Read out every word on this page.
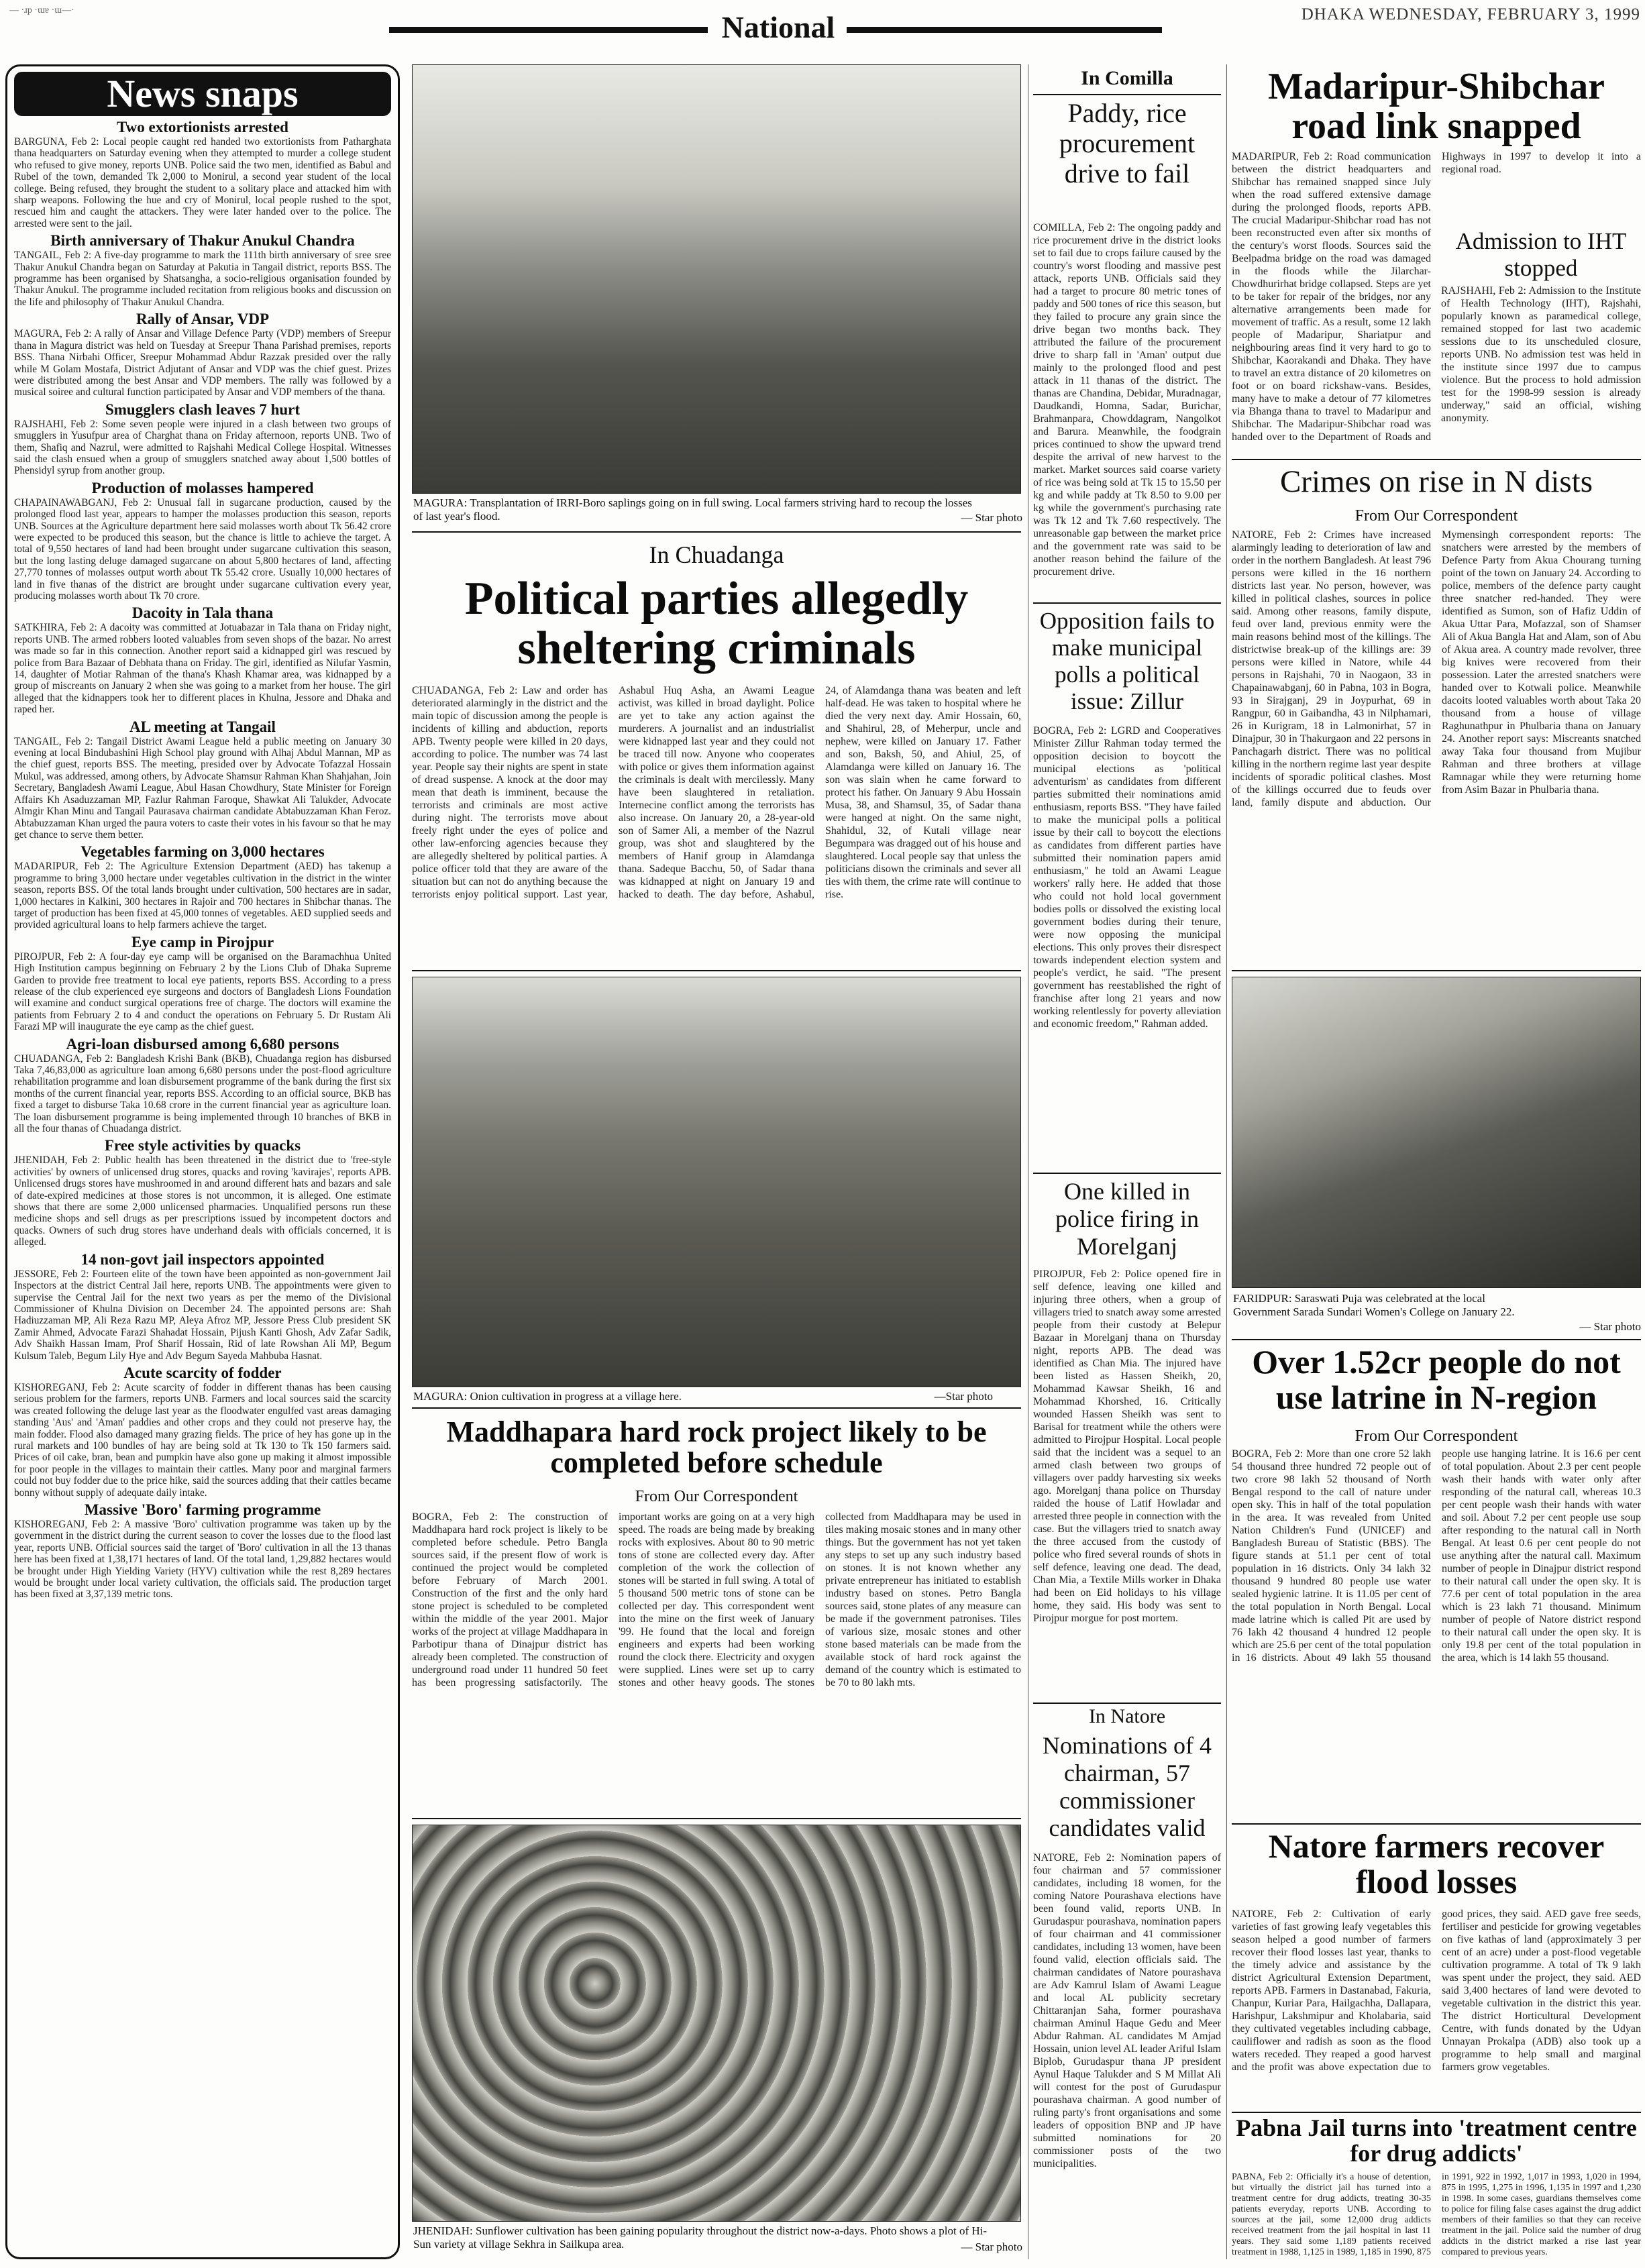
— ·ɹp ·ɯɐ ·ɯ—·	National	DHAKA WEDNESDAY, FEBRUARY 3, 1999
News snaps
Two extortionists arrested
BARGUNA, Feb 2: Local people caught red handed two extortionists from Patharghata thana headquarters on Saturday evening when they attempted to murder a college student who refused to give money, reports UNB. Police said the two men, identified as Babul and Rubel of the town, demanded Tk 2,000 to Monirul, a second year student of the local college. Being refused, they brought the student to a solitary place and attacked him with sharp weapons. Following the hue and cry of Monirul, local people rushed to the spot, rescued him and caught the attackers. They were later handed over to the police. The arrested were sent to the jail.
Birth anniversary of Thakur Anukul Chandra
TANGAIL, Feb 2: A five-day programme to mark the 111th birth anniversary of sree sree Thakur Anukul Chandra began on Saturday at Pakutia in Tangail district, reports BSS. The programme has been organised by Shatsangha, a socio-religious organisation founded by Thakur Anukul. The programme included recitation from religious books and discussion on the life and philosophy of Thakur Anukul Chandra.
Rally of Ansar, VDP
MAGURA, Feb 2: A rally of Ansar and Village Defence Party (VDP) members of Sreepur thana in Magura district was held on Tuesday at Sreepur Thana Parishad premises, reports BSS. Thana Nirbahi Officer, Sreepur Mohammad Abdur Razzak presided over the rally while M Golam Mostafa, District Adjutant of Ansar and VDP was the chief guest. Prizes were distributed among the best Ansar and VDP members. The rally was followed by a musical soiree and cultural function participated by Ansar and VDP members of the thana.
Smugglers clash leaves 7 hurt
RAJSHAHI, Feb 2: Some seven people were injured in a clash between two groups of smugglers in Yusufpur area of Charghat thana on Friday afternoon, reports UNB. Two of them, Shafiq and Nazrul, were admitted to Rajshahi Medical College Hospital. Witnesses said the clash ensued when a group of smugglers snatched away about 1,500 bottles of Phensidyl syrup from another group.
Production of molasses hampered
CHAPAINAWABGANJ, Feb 2: Unusual fall in sugarcane production, caused by the prolonged flood last year, appears to hamper the molasses production this season, reports UNB. Sources at the Agriculture department here said molasses worth about Tk 56.42 crore were expected to be produced this season, but the chance is little to achieve the target. A total of 9,550 hectares of land had been brought under sugarcane cultivation this season, but the long lasting deluge damaged sugarcane on about 5,800 hectares of land, affecting 27,770 tonnes of molasses output worth about Tk 55.42 crore. Usually 10,000 hectares of land in five thanas of the district are brought under sugarcane cultivation every year, producing molasses worth about Tk 70 crore.
Dacoity in Tala thana
SATKHIRA, Feb 2: A dacoity was committed at Jotuabazar in Tala thana on Friday night, reports UNB. The armed robbers looted valuables from seven shops of the bazar. No arrest was made so far in this connection. Another report said a kidnapped girl was rescued by police from Bara Bazaar of Debhata thana on Friday. The girl, identified as Nilufar Yasmin, 14, daughter of Motiar Rahman of the thana's Khash Khamar area, was kidnapped by a group of miscreants on January 2 when she was going to a market from her house. The girl alleged that the kidnappers took her to different places in Khulna, Jessore and Dhaka and raped her.
AL meeting at Tangail
TANGAIL, Feb 2: Tangail District Awami League held a public meeting on January 30 evening at local Bindubashini High School play ground with Alhaj Abdul Mannan, MP as the chief guest, reports BSS. The meeting, presided over by Advocate Tofazzal Hossain Mukul, was addressed, among others, by Advocate Shamsur Rahman Khan Shahjahan, Join Secretary, Bangladesh Awami League, Abul Hasan Chowdhury, State Minister for Foreign Affairs Kh Asaduzzaman MP, Fazlur Rahman Faroque, Shawkat Ali Talukder, Advocate Almgir Khan Minu and Tangail Paurasava chairman candidate Abtabuzzaman Khan Feroz. Abtabuzzaman Khan urged the paura voters to caste their votes in his favour so that he may get chance to serve them better.
Vegetables farming on 3,000 hectares
MADARIPUR, Feb 2: The Agriculture Extension Department (AED) has takenup a programme to bring 3,000 hectare under vegetables cultivation in the district in the winter season, reports BSS. Of the total lands brought under cultivation, 500 hectares are in sadar, 1,000 hectares in Kalkini, 300 hectares in Rajoir and 700 hectares in Shibchar thanas. The target of production has been fixed at 45,000 tonnes of vegetables. AED supplied seeds and provided agricultural loans to help farmers achieve the target.
Eye camp in Pirojpur
PIROJPUR, Feb 2: A four-day eye camp will be organised on the Baramachhua United High Institution campus beginning on February 2 by the Lions Club of Dhaka Supreme Garden to provide free treatment to local eye patients, reports BSS. According to a press release of the club experienced eye surgeons and doctors of Bangladesh Lions Foundation will examine and conduct surgical operations free of charge. The doctors will examine the patients from February 2 to 4 and conduct the operations on February 5. Dr Rustam Ali Farazi MP will inaugurate the eye camp as the chief guest.
Agri-loan disbursed among 6,680 persons
CHUADANGA, Feb 2: Bangladesh Krishi Bank (BKB), Chuadanga region has disbursed Taka 7,46,83,000 as agriculture loan among 6,680 persons under the post-flood agriculture rehabilitation programme and loan disbursement programme of the bank during the first six months of the current financial year, reports BSS. According to an official source, BKB has fixed a target to disburse Taka 10.68 crore in the current financial year as agriculture loan. The loan disbursement programme is being implemented through 10 branches of BKB in all the four thanas of Chuadanga district.
Free style activities by quacks
JHENIDAH, Feb 2: Public health has been threatened in the district due to 'free-style activities' by owners of unlicensed drug stores, quacks and roving 'kavirajes', reports APB. Unlicensed drugs stores have mushroomed in and around different hats and bazars and sale of date-expired medicines at those stores is not uncommon, it is alleged. One estimate shows that there are some 2,000 unlicensed pharmacies. Unqualified persons run these medicine shops and sell drugs as per prescriptions issued by incompetent doctors and quacks. Owners of such drug stores have underhand deals with officials concerned, it is alleged.
14 non-govt jail inspectors appointed
JESSORE, Feb 2: Fourteen elite of the town have been appointed as non-government Jail Inspectors at the district Central Jail here, reports UNB. The appointments were given to supervise the Central Jail for the next two years as per the memo of the Divisional Commissioner of Khulna Division on December 24. The appointed persons are: Shah Hadiuzzaman MP, Ali Reza Razu MP, Aleya Afroz MP, Jessore Press Club president SK Zamir Ahmed, Advocate Farazi Shahadat Hossain, Pijush Kanti Ghosh, Adv Zafar Sadik, Adv Shaikh Hassan Imam, Prof Sharif Hossain, Rid of late Rowshan Ali MP, Begum Kulsum Taleb, Begum Lily Hye and Adv Begum Sayeda Mahbuba Hasnat.
Acute scarcity of fodder
KISHOREGANJ, Feb 2: Acute scarcity of fodder in different thanas has been causing serious problem for the farmers, reports UNB. Farmers and local sources said the scarcity was created following the deluge last year as the floodwater engulfed vast areas damaging standing 'Aus' and 'Aman' paddies and other crops and they could not preserve hay, the main fodder. Flood also damaged many grazing fields. The price of hey has gone up in the rural markets and 100 bundles of hay are being sold at Tk 130 to Tk 150 farmers said. Prices of oil cake, bran, bean and pumpkin have also gone up making it almost impossible for poor people in the villages to maintain their cattles. Many poor and marginal farmers could not buy fodder due to the price hike, said the sources adding that their cattles became bonny without supply of adequate daily intake.
Massive 'Boro' farming programme
KISHOREGANJ, Feb 2: A massive 'Boro' cultivation programme was taken up by the government in the district during the current season to cover the losses due to the flood last year, reports UNB. Official sources said the target of 'Boro' cultivation in all the 13 thanas here has been fixed at 1,38,171 hectares of land. Of the total land, 1,29,882 hectares would be brought under High Yielding Variety (HYV) cultivation while the rest 8,289 hectares would be brought under local variety cultivation, the officials said. The production target has been fixed at 3,37,139 metric tons.
MAGURA: Transplantation of IRRI-Boro saplings going on in full swing. Local farmers striving hard to recoup the losses of last year's flood.	— Star photo
In Chuadanga
Political parties allegedly sheltering criminals
CHUADANGA, Feb 2: Law and order has deteriorated alarmingly in the district and the main topic of discussion among the people is incidents of killing and abduction, reports APB. Twenty people were killed in 20 days, according to police. The number was 74 last year. People say their nights are spent in state of dread suspense. A knock at the door may mean that death is imminent, because the terrorists and criminals are most active during night. The terrorists move about freely right under the eyes of police and other law-enforcing agencies because they are allegedly sheltered by political parties. A police officer told that they are aware of the situation but can not do anything because the terrorists enjoy political support. Last year, Ashabul Huq Asha, an Awami League activist, was killed in broad daylight. Police are yet to take any action against the murderers. A journalist and an industrialist were kidnapped last year and they could not be traced till now. Anyone who cooperates with police or gives them information against the criminals is dealt with mercilessly. Many have been slaughtered in retaliation. Internecine conflict among the terrorists has also increase. On January 20, a 28-year-old son of Samer Ali, a member of the Nazrul group, was shot and slaughtered by the members of Hanif group in Alamdanga thana. Sadeque Bacchu, 50, of Sadar thana was kidnapped at night on January 19 and hacked to death. The day before, Ashabul, 24, of Alamdanga thana was beaten and left half-dead. He was taken to hospital where he died the very next day. Amir Hossain, 60, and Shahirul, 28, of Meherpur, uncle and nephew, were killed on January 17. Father and son, Baksh, 50, and Ahiul, 25, of Alamdanga were killed on January 16. The son was slain when he came forward to protect his father. On January 9 Abu Hossain Musa, 38, and Shamsul, 35, of Sadar thana were hanged at night. On the same night, Shahidul, 32, of Kutali village near Begumpara was dragged out of his house and slaughtered. Local people say that unless the politicians disown the criminals and sever all ties with them, the crime rate will continue to rise.
MAGURA: Onion cultivation in progress at a village here.	—Star photo
Maddhapara hard rock project likely to be completed before schedule
From Our Correspondent
BOGRA, Feb 2: The construction of Maddhapara hard rock project is likely to be completed before schedule. Petro Bangla sources said, if the present flow of work is continued the project would be completed before February of March 2001. Construction of the first and the only hard stone project is scheduled to be completed within the middle of the year 2001. Major works of the project at village Maddhapara in Parbotipur thana of Dinajpur district has already been completed. The construction of underground road under 11 hundred 50 feet has been progressing satisfactorily. The important works are going on at a very high speed. The roads are being made by breaking rocks with explosives. About 80 to 90 metric tons of stone are collected every day. After completion of the work the collection of stones will be started in full swing. A total of 5 thousand 500 metric tons of stone can be collected per day. This correspondent went into the mine on the first week of January '99. He found that the local and foreign engineers and experts had been working round the clock there. Electricity and oxygen were supplied. Lines were set up to carry stones and other heavy goods. The stones collected from Maddhapara may be used in tiles making mosaic stones and in many other things. But the government has not yet taken any steps to set up any such industry based on stones. It is not known whether any private entrepreneur has initiated to establish industry based on stones. Petro Bangla sources said, stone plates of any measure can be made if the government patronises. Tiles of various size, mosaic stones and other stone based materials can be made from the available stock of hard rock against the demand of the country which is estimated to be 70 to 80 lakh mts.
JHENIDAH: Sunflower cultivation has been gaining popularity throughout the district now-a-days. Photo shows a plot of Hi-Sun variety at village Sekhra in Sailkupa area.	— Star photo
In Comilla
Paddy, rice procurement drive to fail
COMILLA, Feb 2: The ongoing paddy and rice procurement drive in the district looks set to fail due to crops failure caused by the country's worst flooding and massive pest attack, reports UNB. Officials said they had a target to procure 80 metric tones of paddy and 500 tones of rice this season, but they failed to procure any grain since the drive began two months back. They attributed the failure of the procurement drive to sharp fall in 'Aman' output due mainly to the prolonged flood and pest attack in 11 thanas of the district. The thanas are Chandina, Debidar, Muradnagar, Daudkandi, Homna, Sadar, Burichar, Brahmanpara, Chowddagram, Nangolkot and Barura. Meanwhile, the foodgrain prices continued to show the upward trend despite the arrival of new harvest to the market. Market sources said coarse variety of rice was being sold at Tk 15 to 15.50 per kg and while paddy at Tk 8.50 to 9.00 per kg while the government's purchasing rate was Tk 12 and Tk 7.60 respectively. The unreasonable gap between the market price and the government rate was said to be another reason behind the failure of the procurement drive.
Opposition fails to make municipal polls a political issue: Zillur
BOGRA, Feb 2: LGRD and Cooperatives Minister Zillur Rahman today termed the opposition decision to boycott the municipal elections as 'political adventurism' as candidates from different parties submitted their nominations amid enthusiasm, reports BSS. "They have failed to make the municipal polls a political issue by their call to boycott the elections as candidates from different parties have submitted their nomination papers amid enthusiasm," he told an Awami League workers' rally here. He added that those who could not hold local government bodies polls or dissolved the existing local government bodies during their tenure, were now opposing the municipal elections. This only proves their disrespect towards independent election system and people's verdict, he said. "The present government has reestablished the right of franchise after long 21 years and now working relentlessly for poverty alleviation and economic freedom," Rahman added.
One killed in police firing in Morelganj
PIROJPUR, Feb 2: Police opened fire in self defence, leaving one killed and injuring three others, when a group of villagers tried to snatch away some arrested people from their custody at Belepur Bazaar in Morelganj thana on Thursday night, reports APB. The dead was identified as Chan Mia. The injured have been listed as Hassen Sheikh, 20, Mohammad Kawsar Sheikh, 16 and Mohammad Khorshed, 16. Critically wounded Hassen Sheikh was sent to Barisal for treatment while the others were admitted to Pirojpur Hospital. Local people said that the incident was a sequel to an armed clash between two groups of villagers over paddy harvesting six weeks ago. Morelganj thana police on Thursday raided the house of Latif Howladar and arrested three people in connection with the case. But the villagers tried to snatch away the three accused from the custody of police who fired several rounds of shots in self defence, leaving one dead. The dead, Chan Mia, a Textile Mills worker in Dhaka had been on Eid holidays to his village home, they said. His body was sent to Pirojpur morgue for post mortem.
In Natore
Nominations of 4 chairman, 57 commissioner candidates valid
NATORE, Feb 2: Nomination papers of four chairman and 57 commissioner candidates, including 18 women, for the coming Natore Pourashava elections have been found valid, reports UNB. In Gurudaspur pourashava, nomination papers of four chairman and 41 commissioner candidates, including 13 women, have been found valid, election officials said. The chairman candidates of Natore pourashava are Adv Kamrul Islam of Awami League and local AL publicity secretary Chittaranjan Saha, former pourashava chairman Aminul Haque Gedu and Meer Abdur Rahman. AL candidates M Amjad Hossain, union level AL leader Ariful Islam Biplob, Gurudaspur thana JP president Aynul Haque Talukder and S M Millat Ali will contest for the post of Gurudaspur pourashava chairman. A good number of ruling party's front organisations and some leaders of opposition BNP and JP have submitted nominations for 20 commissioner posts of the two municipalities.
Madaripur-Shibchar road link snapped
MADARIPUR, Feb 2: Road communication between the district headquarters and Shibchar has remained snapped since July when the road suffered extensive damage during the prolonged floods, reports APB. The crucial Madaripur-Shibchar road has not been reconstructed even after six months of the century's worst floods. Sources said the Beelpadma bridge on the road was damaged in the floods while the Jilarchar-Chowdhurirhat bridge collapsed. Steps are yet to be taker for repair of the bridges, nor any alternative arrangements been made for movement of traffic. As a result, some 12 lakh people of Madaripur, Shariatpur and neighbouring areas find it very hard to go to Shibchar, Kaorakandi and Dhaka. They have to travel an extra distance of 20 kilometres on foot or on board rickshaw-vans. Besides, many have to make a detour of 77 kilometres via Bhanga thana to travel to Madaripur and Shibchar. The Madaripur-Shibchar road was handed over to the Department of Roads and Highways in 1997 to develop it into a regional road.
Admission to IHT stopped
RAJSHAHI, Feb 2: Admission to the Institute of Health Technology (IHT), Rajshahi, popularly known as paramedical college, remained stopped for last two academic sessions due to its unscheduled closure, reports UNB. No admission test was held in the institute since 1997 due to campus violence. But the process to hold admission test for the 1998-99 session is already underway," said an official, wishing anonymity.
Crimes on rise in N dists
From Our Correspondent
NATORE, Feb 2: Crimes have increased alarmingly leading to deterioration of law and order in the northern Bangladesh. At least 796 persons were killed in the 16 northern districts last year. No person, however, was killed in political clashes, sources in police said. Among other reasons, family dispute, feud over land, previous enmity were the main reasons behind most of the killings. The districtwise break-up of the killings are: 39 persons were killed in Natore, while 44 persons in Rajshahi, 70 in Naogaon, 33 in Chapainawabganj, 60 in Pabna, 103 in Bogra, 93 in Sirajganj, 29 in Joypurhat, 69 in Rangpur, 60 in Gaibandha, 43 in Nilphamari, 26 in Kurigram, 18 in Lalmonirhat, 57 in Dinajpur, 30 in Thakurgaon and 22 persons in Panchagarh district. There was no political killing in the northern regime last year despite incidents of sporadic political clashes. Most of the killings occurred due to feuds over land, family dispute and abduction. Our Mymensingh correspondent reports: The snatchers were arrested by the members of Defence Party from Akua Chourang turning point of the town on January 24. According to police, members of the defence party caught three snatcher red-handed. They were identified as Sumon, son of Hafiz Uddin of Akua Uttar Para, Mofazzal, son of Shamser Ali of Akua Bangla Hat and Alam, son of Abu of Akua area. A country made revolver, three big knives were recovered from their possession. Later the arrested snatchers were handed over to Kotwali police. Meanwhile dacoits looted valuables worth about Taka 20 thousand from a house of village Raghunathpur in Phulbaria thana on January 24. Another report says: Miscreants snatched away Taka four thousand from Mujibur Rahman and three brothers at village Ramnagar while they were returning home from Asim Bazar in Phulbaria thana.
FARIDPUR: Saraswati Puja was celebrated at the local Government Sarada Sundari Women's College on January 22.
— Star photo
Over 1.52cr people do not use latrine in N-region
From Our Correspondent
BOGRA, Feb 2: More than one crore 52 lakh 54 thousand three hundred 72 people out of two crore 98 lakh 52 thousand of North Bengal respond to the call of nature under open sky. This in half of the total population in the area. It was revealed from United Nation Children's Fund (UNICEF) and Bangladesh Bureau of Statistic (BBS). The figure stands at 51.1 per cent of total population in 16 districts. Only 34 lakh 32 thousand 9 hundred 80 people use water sealed hygienic latrine. It is 11.05 per cent of the total population in North Bengal. Local made latrine which is called Pit are used by 76 lakh 42 thousand 4 hundred 12 people which are 25.6 per cent of the total population in 16 districts. About 49 lakh 55 thousand people use hanging latrine. It is 16.6 per cent of total population. About 2.3 per cent people wash their hands with water only after responding of the natural call, whereas 10.3 per cent people wash their hands with water and soil. About 7.2 per cent people use soup after responding to the natural call in North Bengal. At least 0.6 per cent people do not use anything after the natural call. Maximum number of people in Dinajpur district respond to their natural call under the open sky. It is 77.6 per cent of total population in the area which is 23 lakh 71 thousand. Minimum number of people of Natore district respond to their natural call under the open sky. It is only 19.8 per cent of the total population in the area, which is 14 lakh 55 thousand.
Natore farmers recover flood losses
NATORE, Feb 2: Cultivation of early varieties of fast growing leafy vegetables this season helped a good number of farmers recover their flood losses last year, thanks to the timely advice and assistance by the district Agricultural Extension Department, reports APB. Farmers in Dastanabad, Fakuria, Chanpur, Kuriar Para, Hailgachha, Dallapara, Harishpur, Lakshmipur and Kholabaria, said they cultivated vegetables including cabbage, cauliflower and radish as soon as the flood waters receded. They reaped a good harvest and the profit was above expectation due to good prices, they said. AED gave free seeds, fertiliser and pesticide for growing vegetables on five kathas of land (approximately 3 per cent of an acre) under a post-flood vegetable cultivation programme. A total of Tk 9 lakh was spent under the project, they said. AED said 3,400 hectares of land were devoted to vegetable cultivation in the district this year. The district Horticultural Development Centre, with funds donated by the Udyan Unnayan Prokalpa (ADB) also took up a programme to help small and marginal farmers grow vegetables.
Pabna Jail turns into 'treatment centre for drug addicts'
PABNA, Feb 2: Officially it's a house of detention, but virtually the district jail has turned into a treatment centre for drug addicts, treating 30-35 patients everyday, reports UNB. According to sources at the jail, some 12,000 drug addicts received treatment from the jail hospital in last 11 years. They said some 1,189 patients received treatment in 1988, 1,125 in 1989, 1,185 in 1990, 875 in 1991, 922 in 1992, 1,017 in 1993, 1,020 in 1994, 875 in 1995, 1,275 in 1996, 1,135 in 1997 and 1,230 in 1998. In some cases, guardians themselves come to police for filing false cases against the drug addict members of their families so that they can receive treatment in the jail. Police said the number of drug addicts in the district marked a rise last year compared to previous years.
